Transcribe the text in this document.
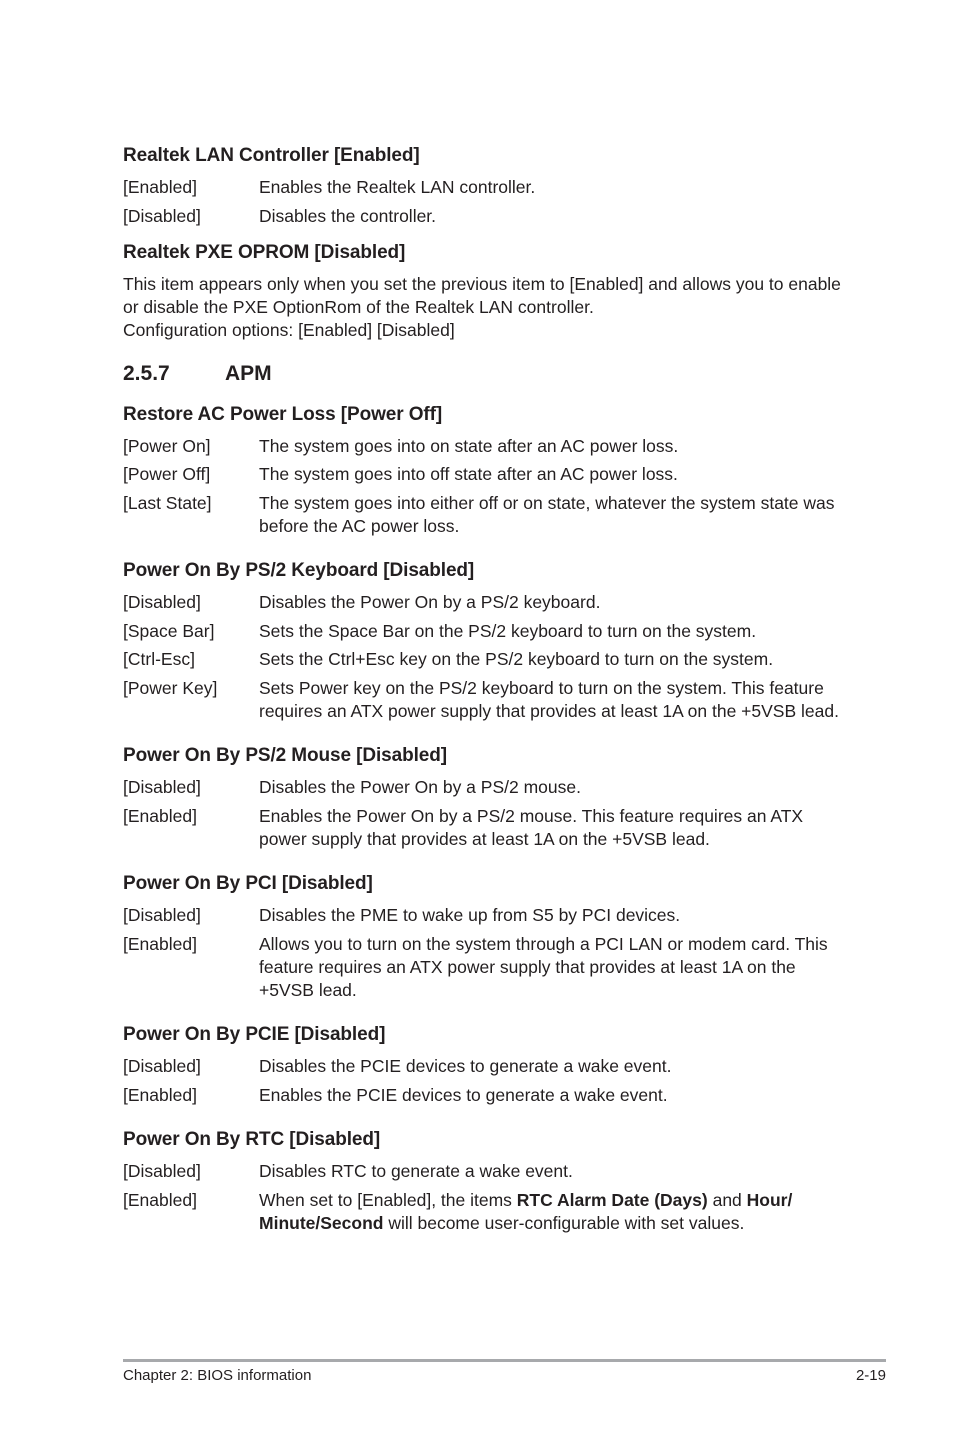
Realtek LAN Controller [Enabled]

[Enabled]	Enables the Realtek LAN controller.

[Disabled]	Disables the controller.

Realtek PXE OPROM [Disabled]

This item appears only when you set the previous item to [Enabled] and allows you to enable

or disable the PXE OptionRom of the Realtek LAN controller.

Configuration options: [Enabled] [Disabled]

2.5.7	APM
Restore AC Power Loss [Power Off]

[Power On]	The system goes into on state after an AC power loss.

[Power Off]	The system goes into off state after an AC power loss.

[Last State]	The system goes into either off or on state, whatever the system state was before the AC power loss.

Power On By PS/2 Keyboard [Disabled]

[Disabled]	Disables the Power On by a PS/2 keyboard.

[Space Bar]	Sets the Space Bar on the PS/2 keyboard to turn on the system.

[Ctrl-Esc]	Sets the Ctrl+Esc key on the PS/2 keyboard to turn on the system.

[Power Key] Sets Power key on the PS/2 keyboard to turn on the system. This feature requires an ATX power supply that provides at least 1A on the +5VSB lead.

Power On By PS/2 Mouse [Disabled]

[Disabled]	Disables the Power On by a PS/2 mouse.

[Enabled]	Enables the Power On by a PS/2 mouse. This feature requires an ATX power supply that provides at least 1A on the +5VSB lead.

Power On By PCI [Disabled]

[Disabled]	Disables the PME to wake up from S5 by PCI devices.

[Enabled]	Allows you to turn on the system through a PCI LAN or modem card. This feature requires an ATX power supply that provides at least 1A on the +5VSB lead.

Power On By PCIE [Disabled]

[Disabled]	Disables the PCIE devices to generate a wake event.

[Enabled]	Enables the PCIE devices to generate a wake event.

Power On By RTC [Disabled]

[Disabled]	Disables RTC to generate a wake event.

[Enabled]	When set to [Enabled], the items RTC Alarm Date (Days) and Hour/ Minute/Second will become user-configurable with set values.

Chapter 2: BIOS information	2-19
